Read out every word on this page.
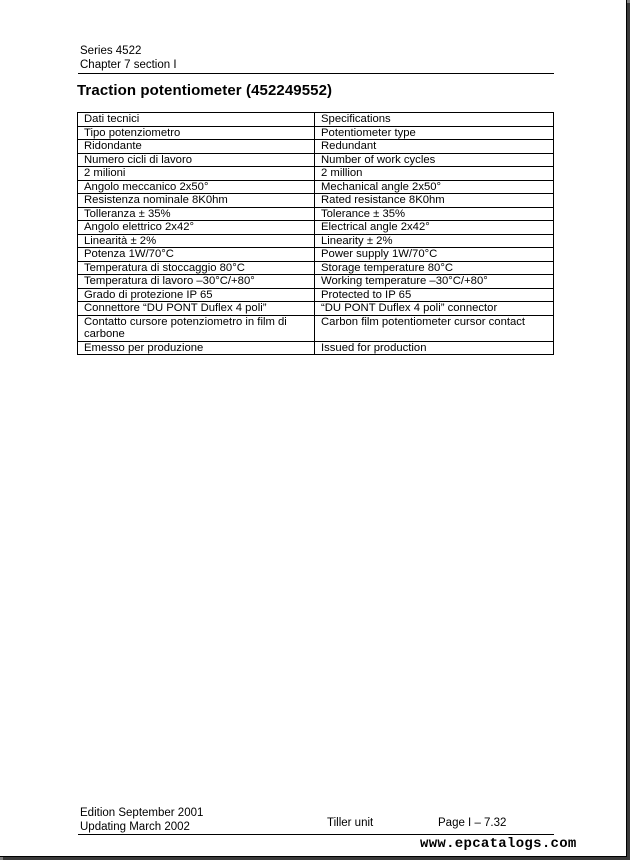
Series 4522
Chapter 7 section I
Traction potentiometer (452249552)
Dati tecnici	Specifications
Tipo potenziometro	Potentiometer type
Ridondante	Redundant
Numero cicli di lavoro	Number of work cycles
2 milioni	2 million
Angolo meccanico 2x50°	Mechanical angle 2x50°
Resistenza nominale 8K0hm	Rated resistance 8K0hm
Tolleranza ± 35%	Tolerance ± 35%
Angolo elettrico 2x42°	Electrical angle 2x42°
Linearità ± 2%	Linearity ± 2%
Potenza 1W/70°C	Power supply 1W/70°C
Temperatura di stoccaggio 80°C	Storage temperature 80°C
Temperatura di lavoro –30°C/+80°	Working temperature –30°C/+80°
Grado di protezione IP 65	Protected to IP 65
Connettore “DU PONT Duflex 4 poli”	“DU PONT Duflex 4 poli” connector
Contatto cursore potenziometro in film di carbone	Carbon film potentiometer cursor contact
Emesso per produzione	Issued for production
Edition September 2001
Updating March 2002	Tiller unit	Page I – 7.32
www.epcatalogs.com
